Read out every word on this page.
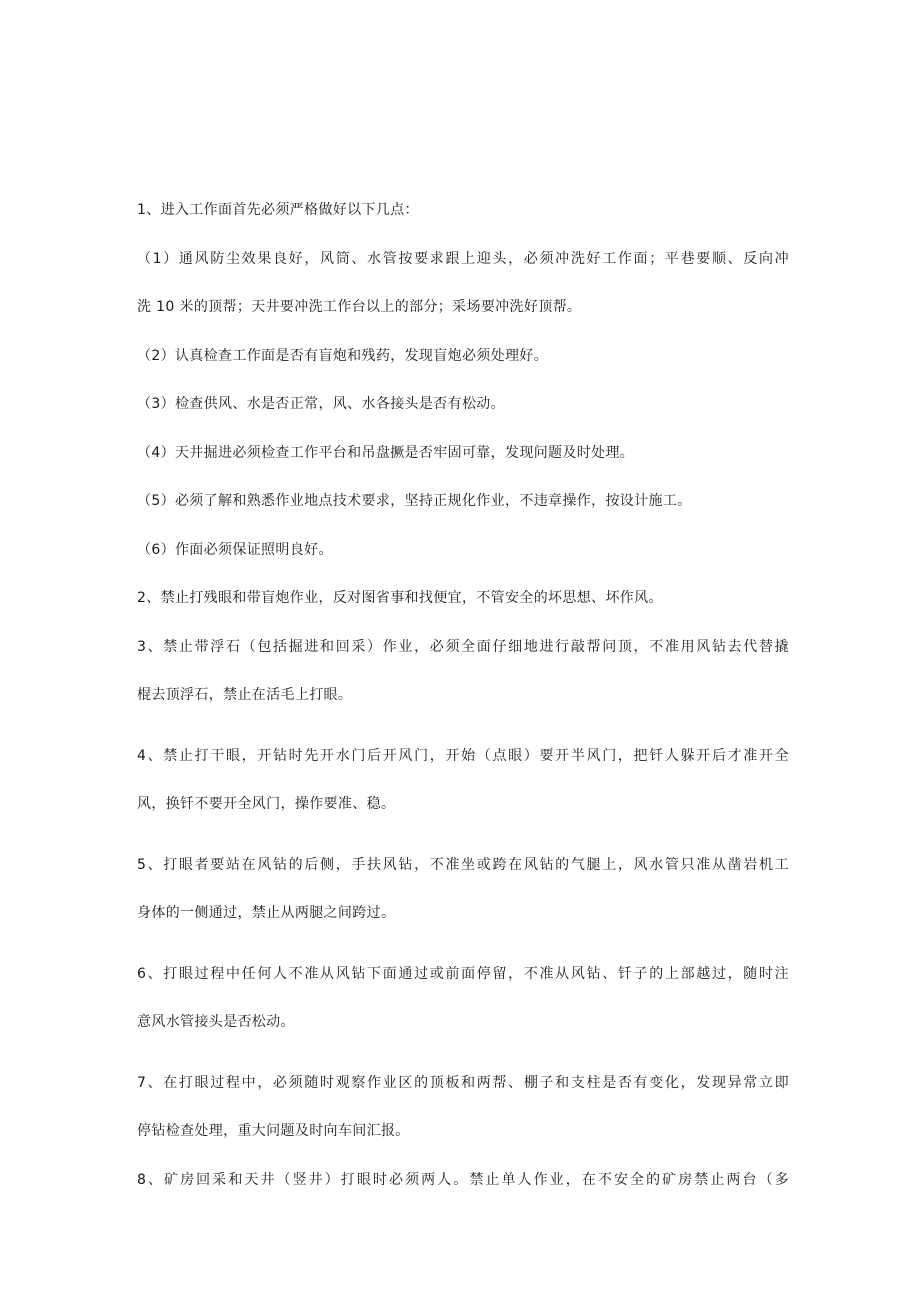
1、进入工作面首先必须严格做好以下几点：

（1）通风防尘效果良好，风筒、水管按要求跟上迎头，必须冲洗好工作面；平巷要顺、反向冲
洗 10 米的顶帮；天井要冲洗工作台以上的部分；采场要冲洗好顶帮。

（2）认真检查工作面是否有盲炮和残药，发现盲炮必须处理好。

（3）检查供风、水是否正常，风、水各接头是否有松动。

（4）天井掘进必须检查工作平台和吊盘撅是否牢固可靠，发现问题及时处理。

（5）必须了解和熟悉作业地点技术要求，坚持正规化作业，不违章操作，按设计施工。

（6）作面必须保证照明良好。

2、禁止打残眼和带盲炮作业，反对图省事和找便宜，不管安全的坏思想、坏作风。

3、禁止带浮石（包括掘进和回采）作业，必须全面仔细地进行敲帮问顶，不准用风钻去代替撬
棍去顶浮石，禁止在活毛上打眼。

4、禁止打干眼，开钻时先开水门后开风门，开始（点眼）要开半风门，把钎人躲开后才准开全
风，换钎不要开全风门，操作要准、稳。

5、打眼者要站在风钻的后侧，手扶风钻，不准坐或跨在风钻的气腿上，风水管只准从凿岩机工
身体的一侧通过，禁止从两腿之间跨过。

6、打眼过程中任何人不准从风钻下面通过或前面停留，不准从风钻、钎子的上部越过，随时注
意风水管接头是否松动。

7、在打眼过程中，必须随时观察作业区的顶板和两帮、棚子和支柱是否有变化，发现异常立即
停钻检查处理，重大问题及时向车间汇报。

8、矿房回采和天井（竖井）打眼时必须两人。禁止单人作业，在不安全的矿房禁止两台（多
